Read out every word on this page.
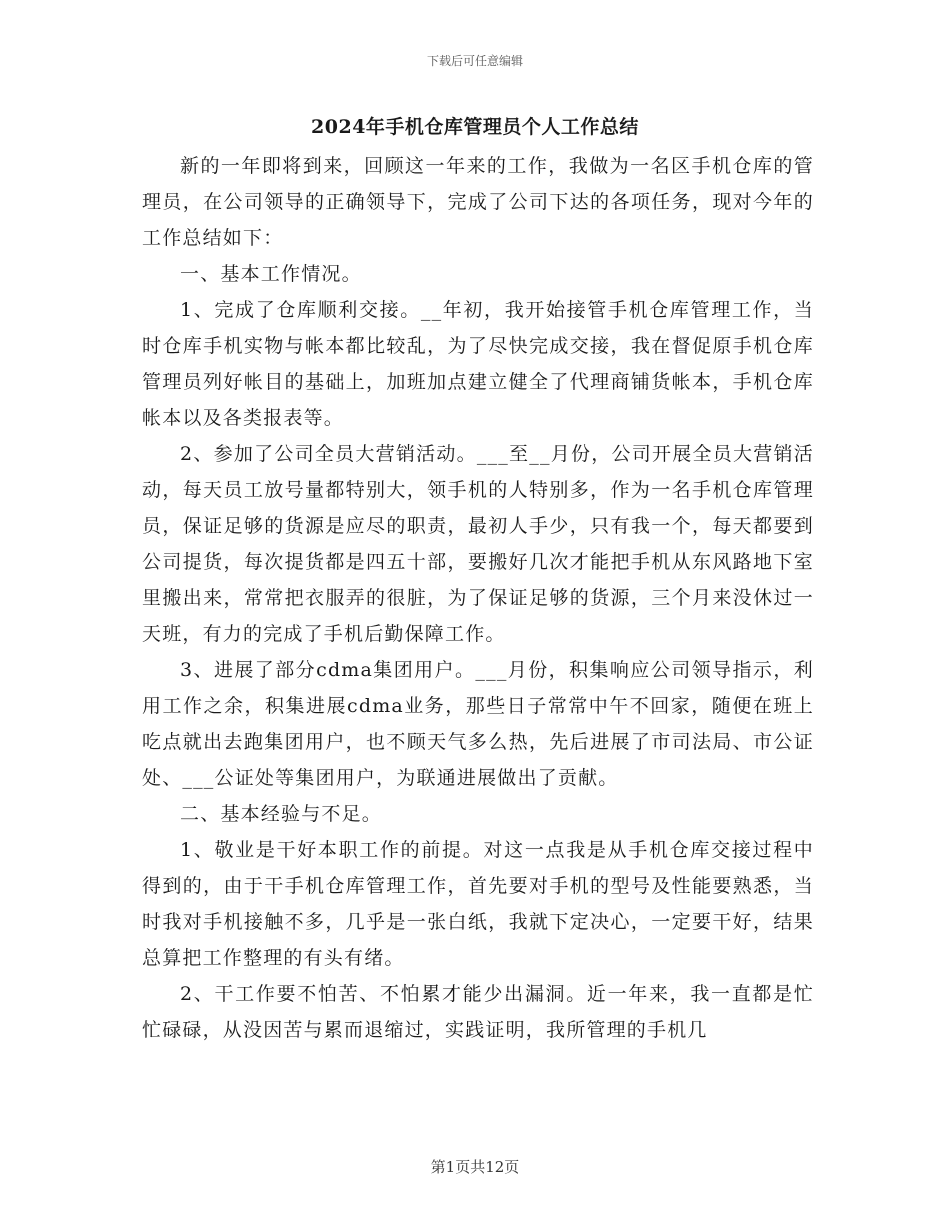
下载后可任意编辑
2024年手机仓库管理员个人工作总结

新的一年即将到来，回顾这一年来的工作，我做为一名区手机仓库的管理员，在公司领导的正确领导下，完成了公司下达的各项任务，现对今年的工作总结如下：

一、基本工作情况。

1、完成了仓库顺利交接。__年初，我开始接管手机仓库管理工作，当时仓库手机实物与帐本都比较乱，为了尽快完成交接，我在督促原手机仓库管理员列好帐目的基础上，加班加点建立健全了代理商铺货帐本，手机仓库帐本以及各类报表等。

2、参加了公司全员大营销活动。___至__月份，公司开展全员大营销活动，每天员工放号量都特别大，领手机的人特别多，作为一名手机仓库管理员，保证足够的货源是应尽的职责，最初人手少，只有我一个，每天都要到公司提货，每次提货都是四五十部，要搬好几次才能把手机从东风路地下室里搬出来，常常把衣服弄的很脏，为了保证足够的货源，三个月来没休过一天班，有力的完成了手机后勤保障工作。

3、进展了部分cdma集团用户。___月份，积集响应公司领导指示，利用工作之余，积集进展cdma业务，那些日子常常中午不回家，随便在班上吃点就出去跑集团用户，也不顾天气多么热，先后进展了市司法局、市公证处、___公证处等集团用户，为联通进展做出了贡献。

二、基本经验与不足。

1、敬业是干好本职工作的前提。对这一点我是从手机仓库交接过程中得到的，由于干手机仓库管理工作，首先要对手机的型号及性能要熟悉，当时我对手机接触不多，几乎是一张白纸，我就下定决心，一定要干好，结果总算把工作整理的有头有绪。

2、干工作要不怕苦、不怕累才能少出漏洞。近一年来，我一直都是忙忙碌碌，从没因苦与累而退缩过，实践证明，我所管理的手机几

第1页共12页
